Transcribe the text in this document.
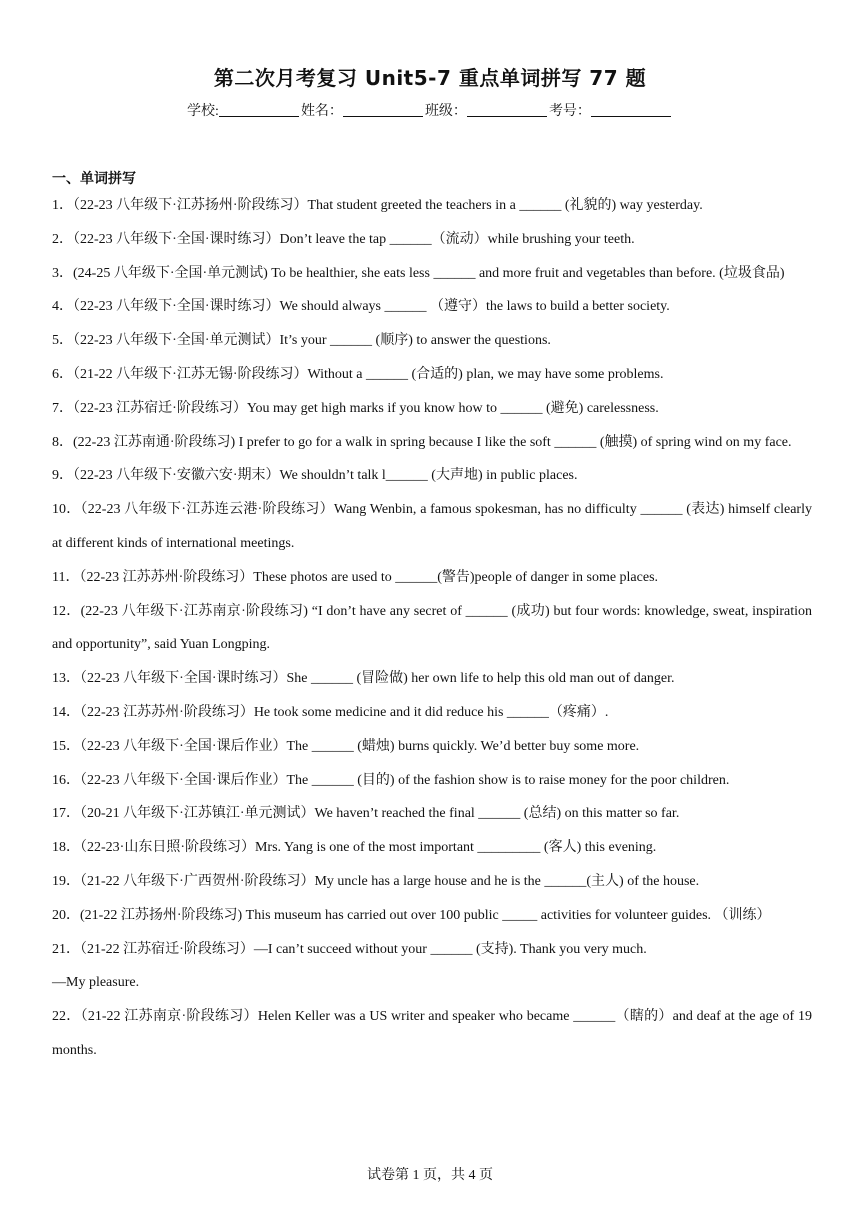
第二次月考复习 Unit5-7 重点单词拼写 77 题
学校:	姓名：	班级：	考号：
一、单词拼写

1．（22-23 八年级下·江苏扬州·阶段练习）That student greeted the teachers in a ______ (礼貌的) way yesterday.

2．（22-23 八年级下·全国·课时练习）Don’t leave the tap ______（流动）while brushing your teeth.

3．(24-25 八年级下·全国·单元测试) To be healthier, she eats less ______ and more fruit and vegetables than before. (垃圾食品)

4．（22-23 八年级下·全国·课时练习）We should always ______ （遵守）the laws to build a better society.

5．（22-23 八年级下·全国·单元测试）It’s your ______ (顺序) to answer the questions.

6．（21-22 八年级下·江苏无锡·阶段练习）Without a ______ (合适的) plan, we may have some problems.

7．（22-23 江苏宿迁·阶段练习）You may get high marks if you know how to ______ (避免) carelessness.

8．(22-23 江苏南通·阶段练习) I prefer to go for a walk in spring because I like the soft ______ (触摸) of spring wind on my face.

9．（22-23 八年级下·安徽六安·期末）We shouldn’t talk l______ (大声地) in public places.

10．（22-23 八年级下·江苏连云港·阶段练习）Wang Wenbin, a famous spokesman, has no difficulty ______ (表达) himself clearly at different kinds of international meetings.

11．（22-23 江苏苏州·阶段练习）These photos are used to ______(警告)people of danger in some places.

12．(22-23 八年级下·江苏南京·阶段练习) “I don’t have any secret of ______ (成功) but four words: knowledge, sweat, inspiration and opportunity”, said Yuan Longping.

13．（22-23 八年级下·全国·课时练习）She ______ (冒险做) her own life to help this old man out of danger.

14．（22-23 江苏苏州·阶段练习）He took some medicine and it did reduce his ______（疼痛）.

15．（22-23 八年级下·全国·课后作业）The ______ (蜡烛) burns quickly. We’d better buy some more.

16．（22-23 八年级下·全国·课后作业）The ______ (目的) of the fashion show is to raise money for the poor children.

17．（20-21 八年级下·江苏镇江·单元测试）We haven’t reached the final ______ (总结) on this matter so far.

18．（22-23·山东日照·阶段练习）Mrs. Yang is one of the most important _________ (客人) this evening.

19．（21-22 八年级下·广西贺州·阶段练习）My uncle has a large house and he is the ______(主人) of the house.

20．(21-22 江苏扬州·阶段练习) This museum has carried out over 100 public _____ activities for volunteer guides. （训练）

21．（21-22 江苏宿迁·阶段练习）—I can’t succeed without your ______ (支持). Thank you very much.

—My pleasure.

22．（21-22 江苏南京·阶段练习）Helen Keller was a US writer and speaker who became ______（瞎的）and deaf at the age of 19 months.

试卷第 1 页，共 4 页
